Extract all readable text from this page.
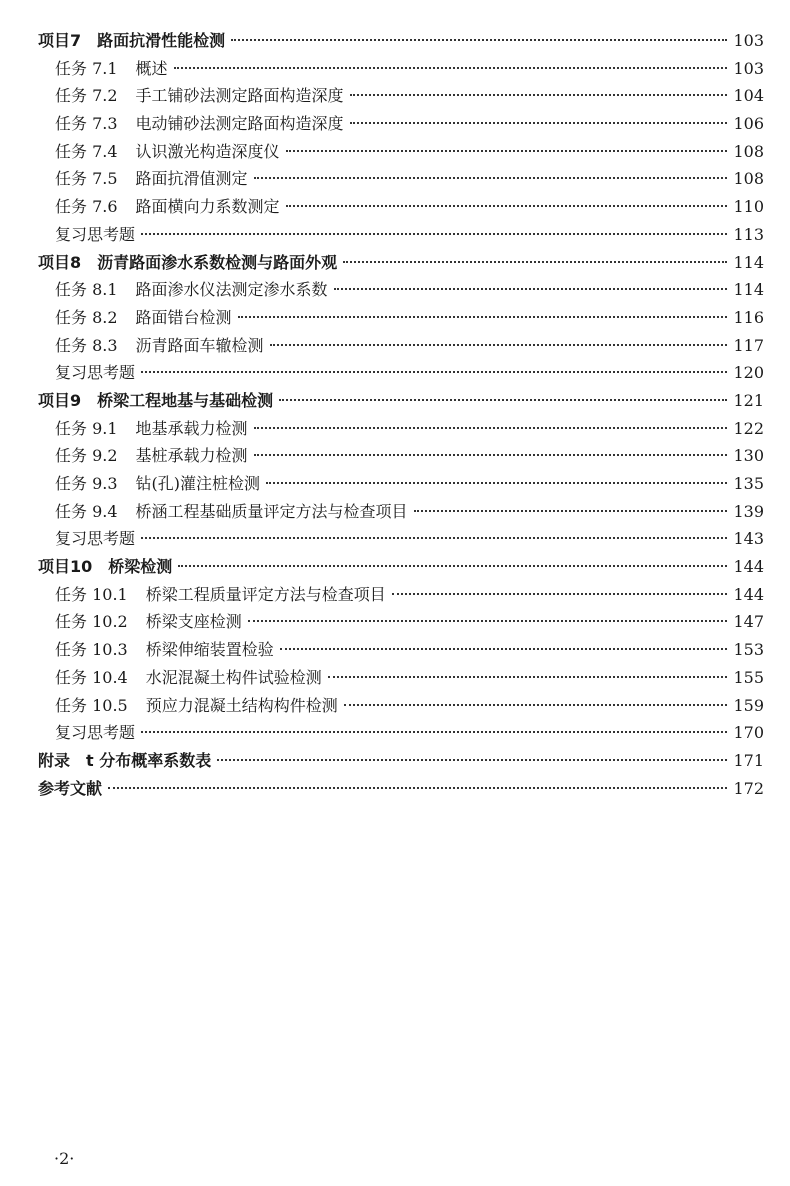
项目7 路面抗滑性能检测	103
任务 7.1 概述	103
任务 7.2 手工铺砂法测定路面构造深度	104
任务 7.3 电动铺砂法测定路面构造深度	106
任务 7.4 认识激光构造深度仪	108
任务 7.5 路面抗滑值测定	108
任务 7.6 路面横向力系数测定	110
复习思考题	113
项目8 沥青路面渗水系数检测与路面外观	114
任务 8.1 路面渗水仪法测定渗水系数	114
任务 8.2 路面错台检测	116
任务 8.3 沥青路面车辙检测	117
复习思考题	120
项目9 桥梁工程地基与基础检测	121
任务 9.1 地基承载力检测	122
任务 9.2 基桩承载力检测	130
任务 9.3 钻(孔)灌注桩检测	135
任务 9.4 桥涵工程基础质量评定方法与检查项目	139
复习思考题	143
项目10 桥梁检测	144
任务 10.1 桥梁工程质量评定方法与检查项目	144
任务 10.2 桥梁支座检测	147
任务 10.3 桥梁伸缩装置检验	153
任务 10.4 水泥混凝土构件试验检测	155
任务 10.5 预应力混凝土结构构件检测	159
复习思考题	170
附录 t 分布概率系数表	171
参考文献	172
·2·
